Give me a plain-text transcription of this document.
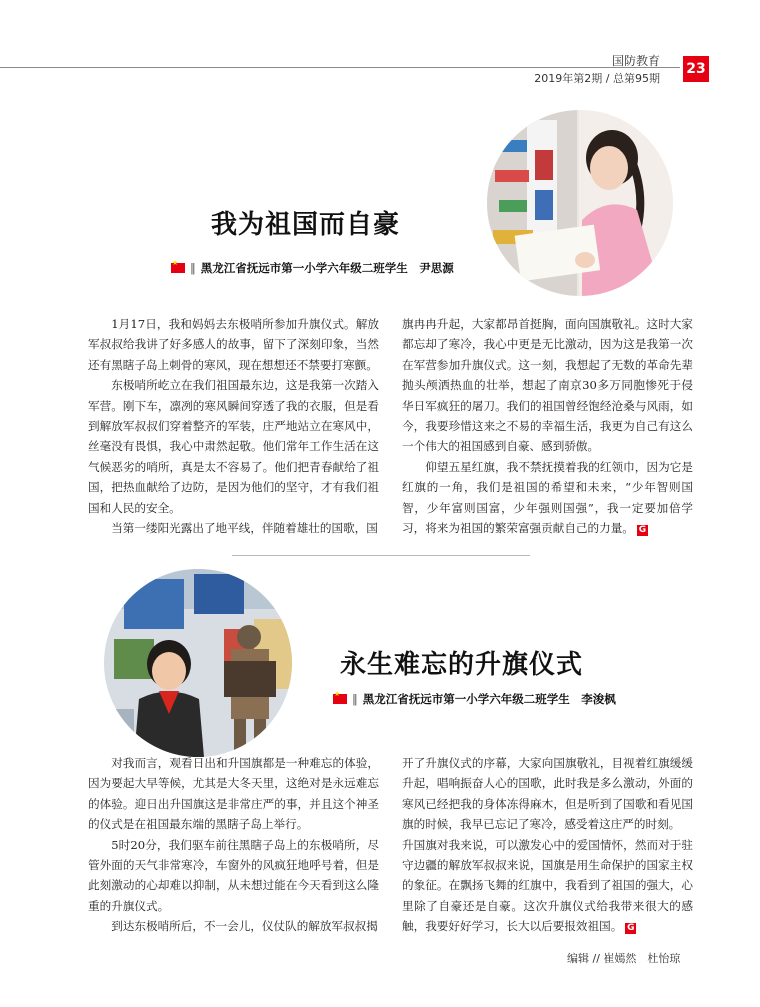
国防教育
2019年第2期 / 总第95期
23
我为祖国而自豪
★
‖ 黑龙江省抚远市第一小学六年级二班学生　尹思源

1月17日，我和妈妈去东极哨所参加升旗仪式。解放军叔叔给我讲了好多感人的故事，留下了深刻印象，当然还有黑瞎子岛上刺骨的寒风，现在想想还不禁要打寒颤。

东极哨所屹立在我们祖国最东边，这是我第一次踏入军营。刚下车，凛冽的寒风瞬间穿透了我的衣服，但是看到解放军叔叔们穿着整齐的军装，庄严地站立在寒风中，丝毫没有畏惧，我心中肃然起敬。他们常年工作生活在这气候恶劣的哨所，真是太不容易了。他们把青春献给了祖国，把热血献给了边防，是因为他们的坚守，才有我们祖国和人民的安全。

当第一缕阳光露出了地平线，伴随着雄壮的国歌，国

旗冉冉升起，大家都昂首挺胸，面向国旗敬礼。这时大家都忘却了寒冷，我心中更是无比激动，因为这是我第一次在军营参加升旗仪式。这一刻，我想起了无数的革命先辈抛头颅洒热血的壮举，想起了南京30多万同胞惨死于侵华日军疯狂的屠刀。我们的祖国曾经饱经沧桑与风雨，如今，我要珍惜这来之不易的幸福生活，我更为自己有这么一个伟大的祖国感到自豪、感到骄傲。

仰望五星红旗，我不禁抚摸着我的红领巾，因为它是红旗的一角，我们是祖国的希望和未来，“少年智则国智，少年富则国富，少年强则国强”，我一定要加倍学习，将来为祖国的繁荣富强贡献自己的力量。 G

永生难忘的升旗仪式
★
‖ 黑龙江省抚远市第一小学六年级二班学生　李浚枫

对我而言，观看日出和升国旗都是一种难忘的体验，因为要起大早等候，尤其是大冬天里，这绝对是永远难忘的体验。迎日出升国旗这是非常庄严的事，并且这个神圣的仪式是在祖国最东端的黑瞎子岛上举行。

5时20分，我们驱车前往黑瞎子岛上的东极哨所，尽管外面的天气非常寒冷，车窗外的风疯狂地呼号着，但是此刻激动的心却难以抑制，从未想过能在今天看到这么隆重的升旗仪式。

到达东极哨所后，不一会儿，仪仗队的解放军叔叔揭

开了升旗仪式的序幕，大家向国旗敬礼，目视着红旗缓缓升起，唱响振奋人心的国歌，此时我是多么激动，外面的寒风已经把我的身体冻得麻木，但是听到了国歌和看见国旗的时候，我早已忘记了寒冷，感受着这庄严的时刻。

升国旗对我来说，可以激发心中的爱国情怀，然而对于驻守边疆的解放军叔叔来说，国旗是用生命保护的国家主权的象征。在飘扬飞舞的红旗中，我看到了祖国的强大，心里除了自豪还是自豪。这次升旗仪式给我带来很大的感触，我要好好学习，长大以后要报效祖国。 G

编辑 // 崔嫣然　杜怡琼
